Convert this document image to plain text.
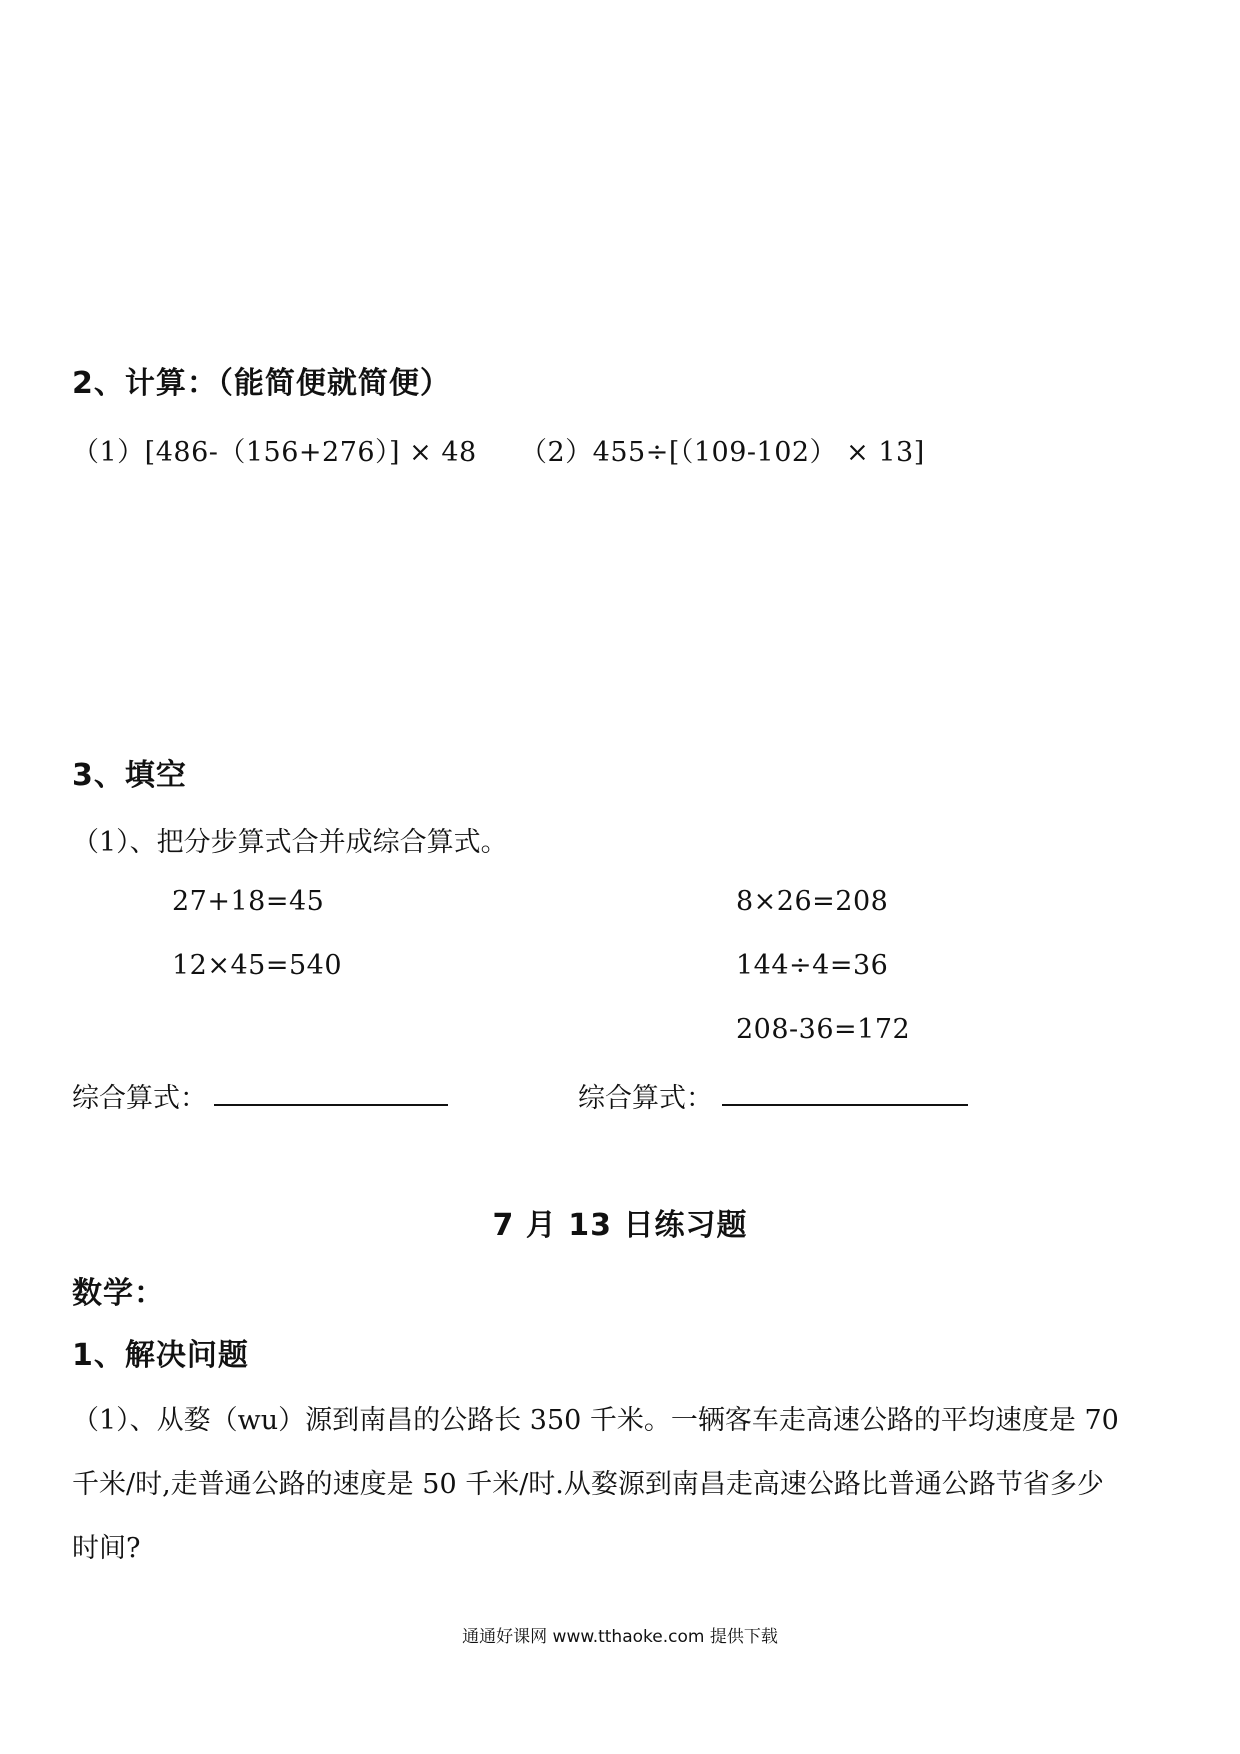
2、计算：（能简便就简便）
（1）[486-（156+276）] × 48 （2）455÷[（109-102） × 13]
3、填空
（1）、把分步算式合并成综合算式。
27+18=45
12×45=540
8×26=208
144÷4=36
208-36=172
综合算式：	综合算式：
7 月 13 日练习题
数学：
1、解决问题
（1）、从婺（wu）源到南昌的公路长 350 千米。一辆客车走高速公路的平均速度是 70
千米/时,走普通公路的速度是 50 千米/时.从婺源到南昌走高速公路比普通公路节省多少
时间?
通通好课网 www.tthaoke.com 提供下载
